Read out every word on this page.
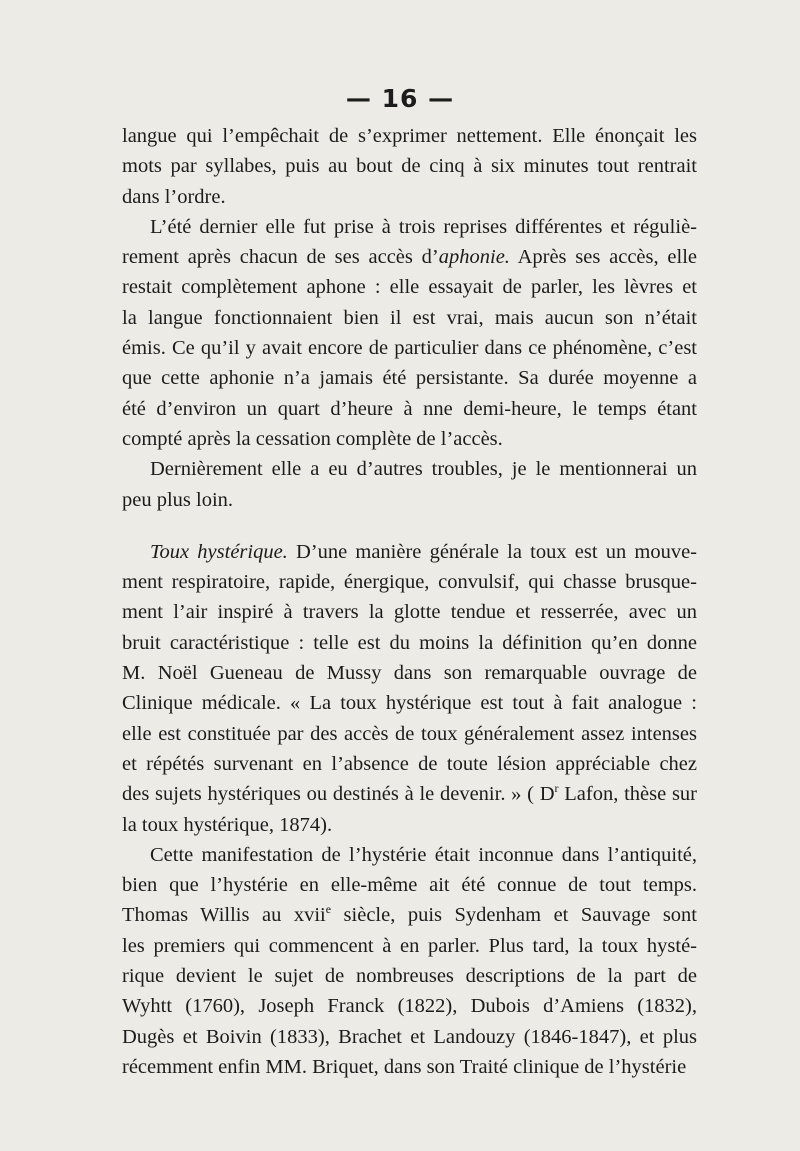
— 16 —

langue qui l’empêchait de s’exprimer nettement. Elle énonçait les

mots par syllabes, puis au bout de cinq à six minutes tout rentrait

dans l’ordre.

L’été dernier elle fut prise à trois reprises différentes et réguliè-

rement après chacun de ses accès d’aphonie. Après ses accès, elle

restait complètement aphone : elle essayait de parler, les lèvres et

la langue fonctionnaient bien il est vrai, mais aucun son n’était

émis. Ce qu’il y avait encore de particulier dans ce phénomène, c’est

que cette aphonie n’a jamais été persistante. Sa durée moyenne a

été d’environ un quart d’heure à nne demi-heure, le temps étant

compté après la cessation complète de l’accès.

Dernièrement elle a eu d’autres troubles, je le mentionnerai un

peu plus loin.

Toux hystérique. D’une manière générale la toux est un mouve-

ment respiratoire, rapide, énergique, convulsif, qui chasse brusque-

ment l’air inspiré à travers la glotte tendue et resserrée, avec un

bruit caractéristique : telle est du moins la définition qu’en donne

M. Noël Gueneau de Mussy dans son remarquable ouvrage de

Clinique médicale. « La toux hystérique est tout à fait analogue :

elle est constituée par des accès de toux généralement assez intenses

et répétés survenant en l’absence de toute lésion appréciable chez

des sujets hystériques ou destinés à le devenir. » ( $D^r$ Lafon, thèse sur

la toux hystérique, 1874).

Cette manifestation de l’hystérie était inconnue dans l’antiquité,

bien que l’hystérie en elle-même ait été connue de tout temps.

Thomas Willis au xvii$^e$ siècle, puis Sydenham et Sauvage sont

les premiers qui commencent à en parler. Plus tard, la toux hysté-

rique devient le sujet de nombreuses descriptions de la part de

Wyhtt (1760), Joseph Franck (1822), Dubois d’Amiens (1832),

Dugès et Boivin (1833), Brachet et Landouzy (1846-1847), et plus

récemment enfin MM. Briquet, dans son Traité clinique de l’hystérie
